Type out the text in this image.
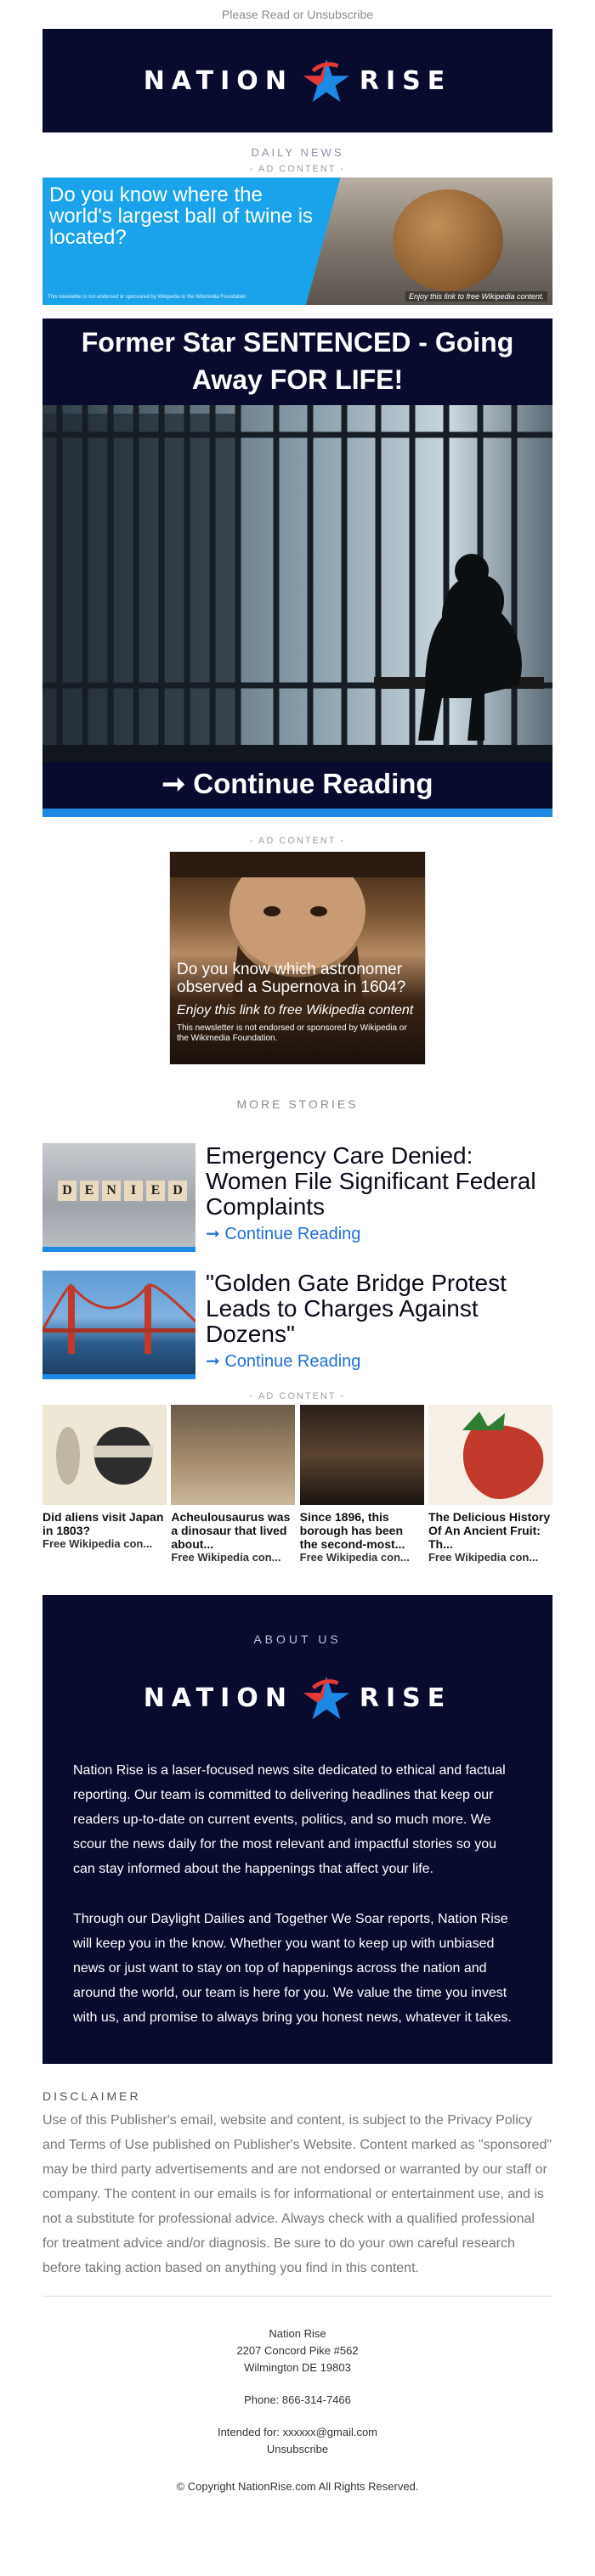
Please Read or Unsubscribe
NATION	RISE
DAILY NEWS
- AD CONTENT -
Do you know where the world's largest ball of twine is located?
This newsletter is not endorsed or sponsored by Wikipedia or the Wikimedia Foundation	Enjoy this link to free Wikipedia content.
Former Star SENTENCED - Going Away FOR LIFE!
➞ Continue Reading
- AD CONTENT -
Do you know which astronomer observed a Supernova in 1604?
Enjoy this link to free Wikipedia content
This newsletter is not endorsed or sponsored by Wikipedia or the Wikimedia Foundation.
MORE STORIES
D E N	I	E D
Emergency Care Denied: Women File Significant Federal Complaints
➞ Continue Reading
"Golden Gate Bridge Protest Leads to Charges Against Dozens"
➞ Continue Reading
- AD CONTENT -
Did aliens visit Japan in 1803?
Free Wikipedia con...
Acheulousaurus was a dinosaur that lived about...
Free Wikipedia con...
Since 1896, this borough has been the second-most...
Free Wikipedia con...
The Delicious History Of An Ancient Fruit: Th...
Free Wikipedia con...
ABOUT US
NATION	RISE

Nation Rise is a laser-focused news site dedicated to ethical and factual reporting. Our team is committed to delivering headlines that keep our readers up-to-date on current events, politics, and so much more. We scour the news daily for the most relevant and impactful stories so you can stay informed about the happenings that affect your life.

Through our Daylight Dailies and Together We Soar reports, Nation Rise will keep you in the know. Whether you want to keep up with unbiased news or just want to stay on top of happenings across the nation and around the world, our team is here for you. We value the time you invest with us, and promise to always bring you honest news, whatever it takes.

DISCLAIMER
Use of this Publisher's email, website and content, is subject to the Privacy Policy and Terms of Use published on Publisher's Website. Content marked as "sponsored" may be third party advertisements and are not endorsed or warranted by our staff or company. The content in our emails is for informational or entertainment use, and is not a substitute for professional advice. Always check with a qualified professional for treatment advice and/or diagnosis. Be sure to do your own careful research before taking action based on anything you find in this content.
Nation Rise
2207 Concord Pike #562
Wilmington DE 19803
Phone: 866-314-7466
Intended for: xxxxxx@gmail.com
Unsubscribe
© Copyright NationRise.com All Rights Reserved.
